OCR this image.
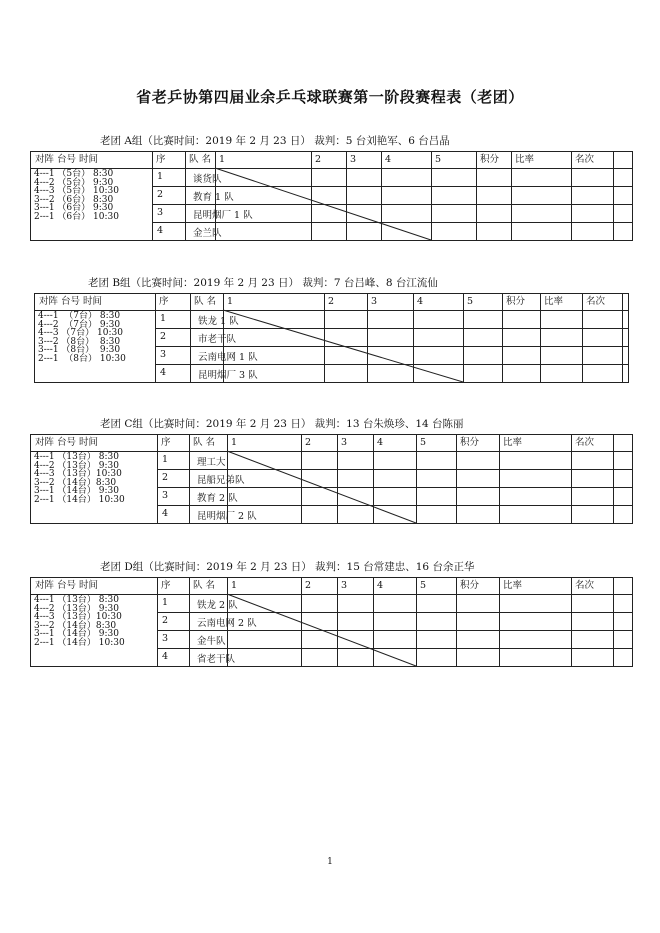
省老乒协第四届业余乒乓球联赛第一阶段赛程表（老团）
老团 A组（比赛时间：2019 年 2 月 23 日） 裁判：5 台刘艳军、6 台吕晶
对阵 台号 时间	序 队 名 1	2	3	4	5	积分 比率	名次
4---1 （5台） 8:30
4---2 （5台） 9:30
4---3 （5台） 10:30
3---2 （6台） 8:30
3---1 （6台） 9:30
2---1 （6台） 10:30
1	谈货队
2	教育 1 队
3	昆明烟厂 1 队
4	金兰队
老团 B组（比赛时间：2019 年 2 月 23 日） 裁判：7 台吕峰、8 台江流仙
对阵 台号 时间	序	队 名 1	2	3	4	5	积分 比率 名次
4---1  （7台） 8:30
4---2  （7台） 9:30
4---3 （7台） 10:30
3---2 （8台）  8:30
3---1 （8台）  9:30
2---1  （8台） 10:30
1	铁龙 1 队
2	市老干队
3	云南电网 1 队
4	昆明烟厂 3 队
老团 C组（比赛时间：2019 年 2 月 23 日） 裁判：13 台朱焕珍、14 台陈丽
对阵 台号 时间	序 队 名 1	2	3	4	5	积分	比率	名次
4---1 （13台） 8:30
4---2 （13台） 9:30
4---3 （13台）10:30
3---2 （14台）8:30
3---1 （14台） 9:30
2---1 （14台） 10:30
1	理工大
2	昆船兄弟队
3	教育 2 队
4	昆明烟厂 2 队
老团 D组（比赛时间：2019 年 2 月 23 日） 裁判：15 台常建忠、16 台余正华
对阵 台号 时间	序 队 名 1	2	3	4	5	积分	比率	名次
4---1 （13台） 8:30
4---2 （13台） 9:30
4---3 （13台）10:30
3---2 （14台）8:30
3---1 （14台） 9:30
2---1 （14台） 10:30
1	铁龙 2 队
2	云南电网 2 队
3	金牛队
4	省老干队
1
